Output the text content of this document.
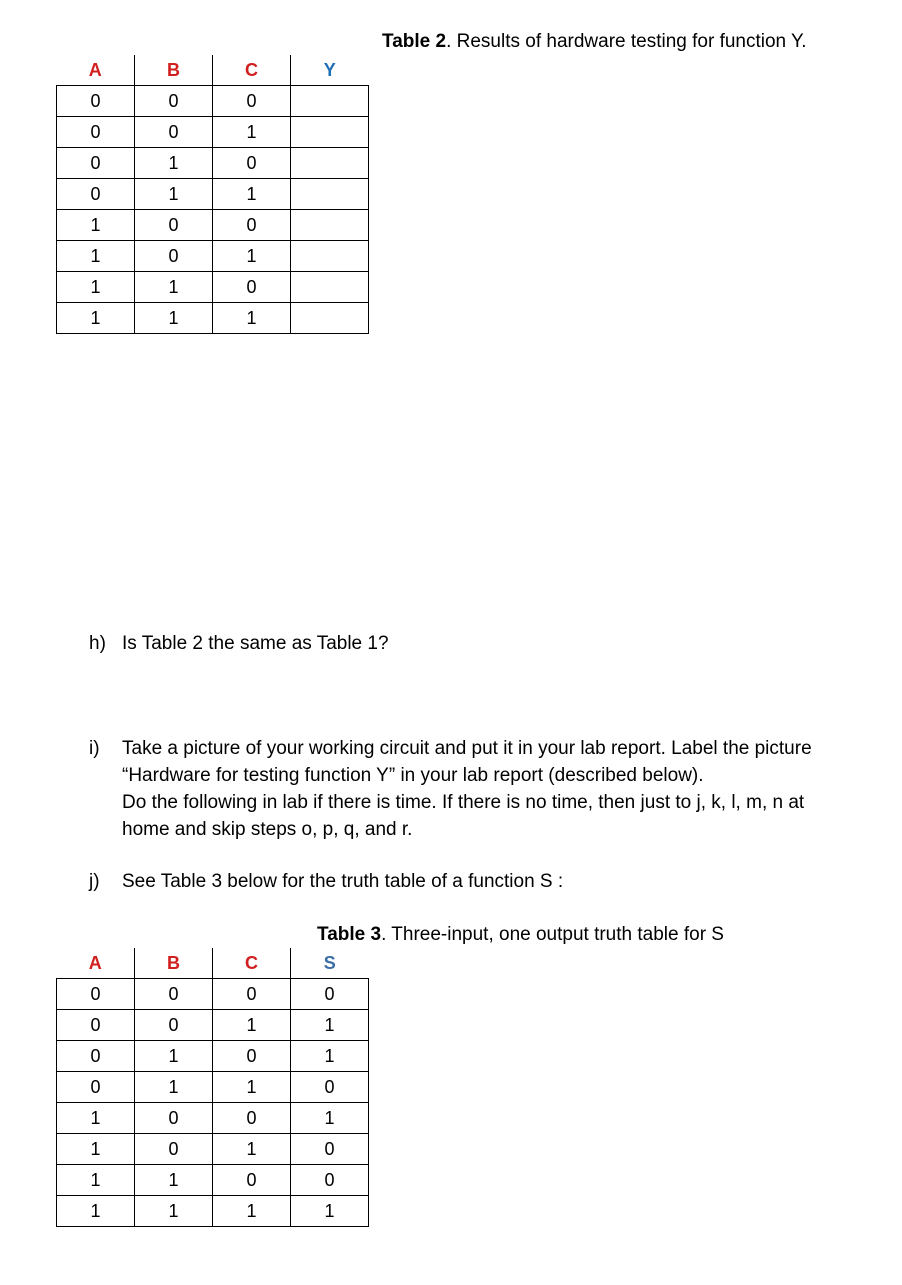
Table 2. Results of hardware testing for function Y.
A	B	C	Y
0	0	0	
0	0	1	
0	1	0	
0	1	1	
1	0	0	
1	0	1	
1	1	0	
1	1	1	
h) Is Table 2 the same as Table 1?
i) Take a picture of your working circuit and put it in your lab report. Label the picture
“Hardware for testing function Y” in your lab report (described below).
Do the following in lab if there is time. If there is no time, then just to j, k, l, m, n at
home and skip steps o, p, q, and r.
j) See Table 3 below for the truth table of a function S :
Table 3. Three-input, one output truth table for S
A	B	C	S
0	0	0	0
0	0	1	1
0	1	0	1
0	1	1	0
1	0	0	1
1	0	1	0
1	1	0	0
1	1	1	1
